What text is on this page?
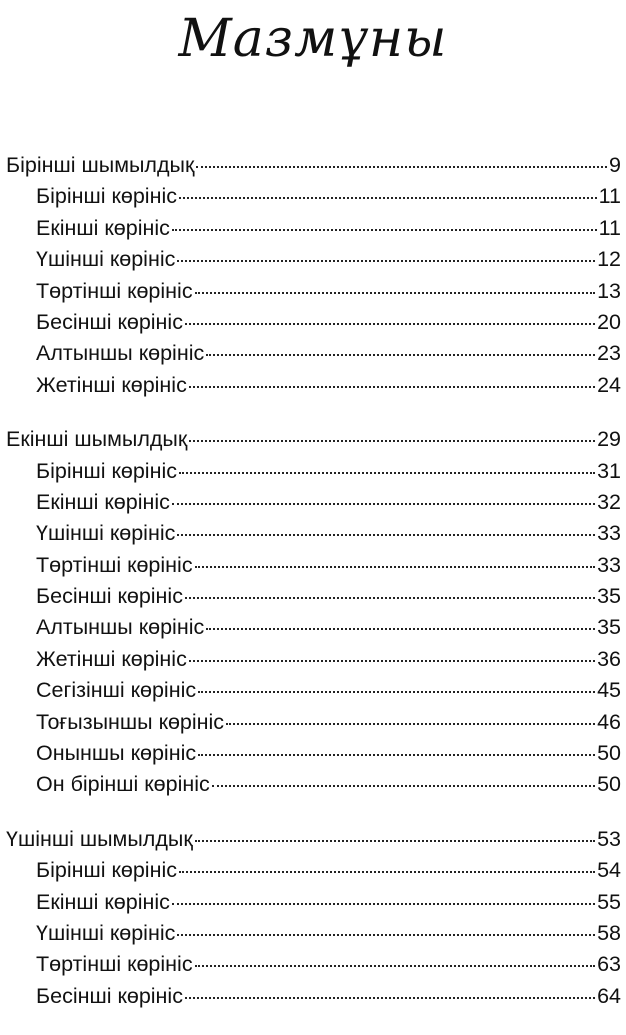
Мазмұны
Бірінші шымылдық	9
Бірінші көрініс	11
Екінші көрініс	11
Үшінші көрініс	12
Төртінші көрініс	13
Бесінші көрініс	20
Алтыншы көрініс	23
Жетінші көрініс	24
Екінші шымылдық	29
Бірінші көрініс	31
Екінші көрініс	32
Үшінші көрініс	33
Төртінші көрініс	33
Бесінші көрініс	35
Алтыншы көрініс	35
Жетінші көрініс	36
Сегізінші көрініс	45
Тоғызыншы көрініс	46
Оныншы көрініс	50
Он бірінші көрініс	50
Үшінші шымылдық	53
Бірінші көрініс	54
Екінші көрініс	55
Үшінші көрініс	58
Төртінші көрініс	63
Бесінші көрініс	64
